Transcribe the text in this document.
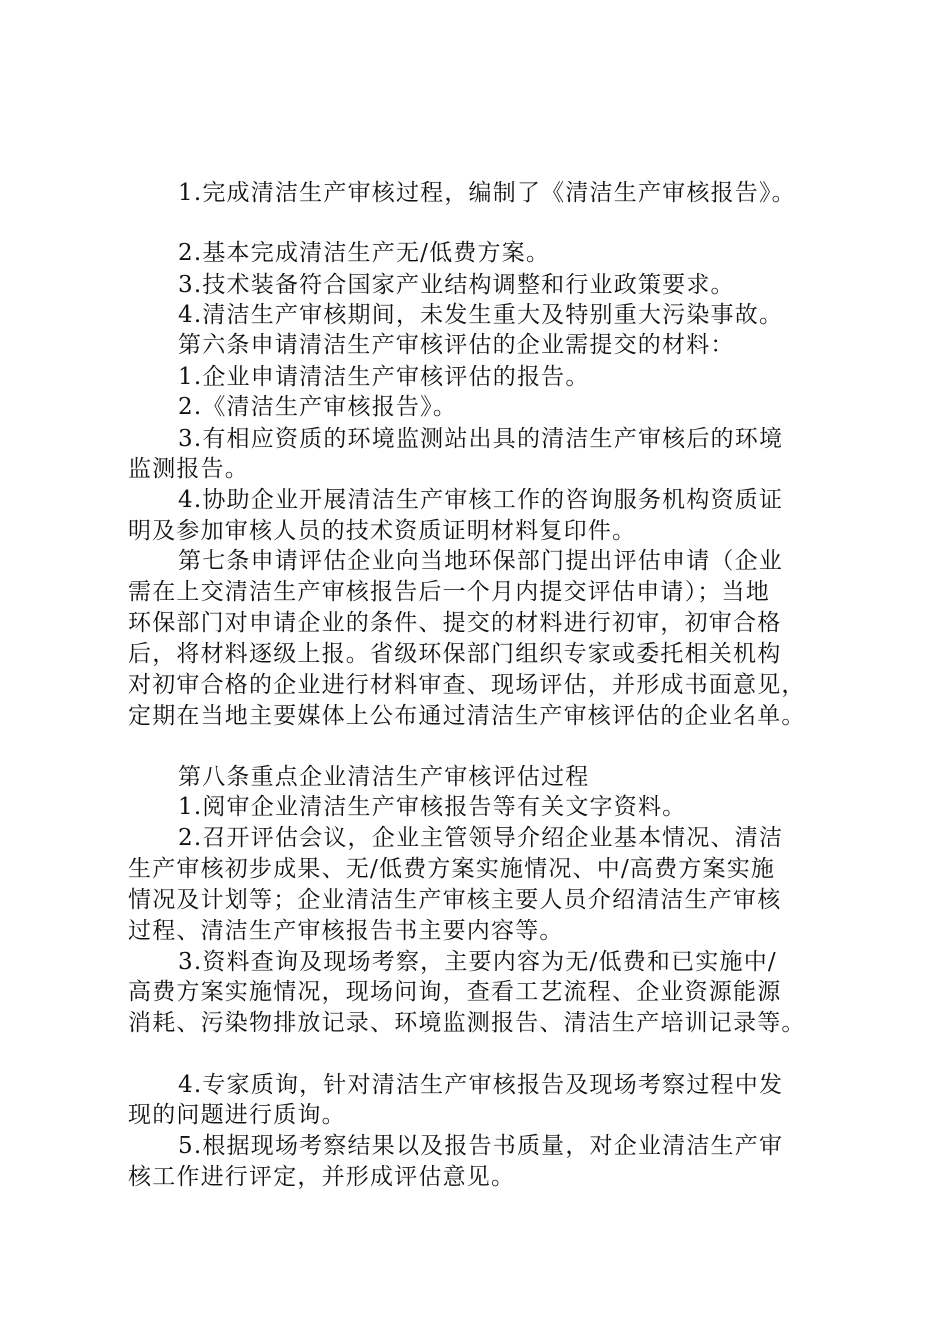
1.完成清洁生产审核过程，编制了《清洁生产审核报告》。
2.基本完成清洁生产无/低费方案。
3.技术装备符合国家产业结构调整和行业政策要求。
4.清洁生产审核期间，未发生重大及特别重大污染事故。
第六条申请清洁生产审核评估的企业需提交的材料：
1.企业申请清洁生产审核评估的报告。
2.《清洁生产审核报告》。
3.有相应资质的环境监测站出具的清洁生产审核后的环境
监测报告。
4.协助企业开展清洁生产审核工作的咨询服务机构资质证
明及参加审核人员的技术资质证明材料复印件。
第七条申请评估企业向当地环保部门提出评估申请（企业
需在上交清洁生产审核报告后一个月内提交评估申请）；当地
环保部门对申请企业的条件、提交的材料进行初审，初审合格
后，将材料逐级上报。省级环保部门组织专家或委托相关机构
对初审合格的企业进行材料审查、现场评估，并形成书面意见，
定期在当地主要媒体上公布通过清洁生产审核评估的企业名单。
第八条重点企业清洁生产审核评估过程
1.阅审企业清洁生产审核报告等有关文字资料。
2.召开评估会议，企业主管领导介绍企业基本情况、清洁
生产审核初步成果、无/低费方案实施情况、中/高费方案实施
情况及计划等；企业清洁生产审核主要人员介绍清洁生产审核
过程、清洁生产审核报告书主要内容等。
3.资料查询及现场考察，主要内容为无/低费和已实施中/
高费方案实施情况，现场问询，查看工艺流程、企业资源能源
消耗、污染物排放记录、环境监测报告、清洁生产培训记录等。
4.专家质询，针对清洁生产审核报告及现场考察过程中发
现的问题进行质询。
5.根据现场考察结果以及报告书质量，对企业清洁生产审
核工作进行评定，并形成评估意见。
